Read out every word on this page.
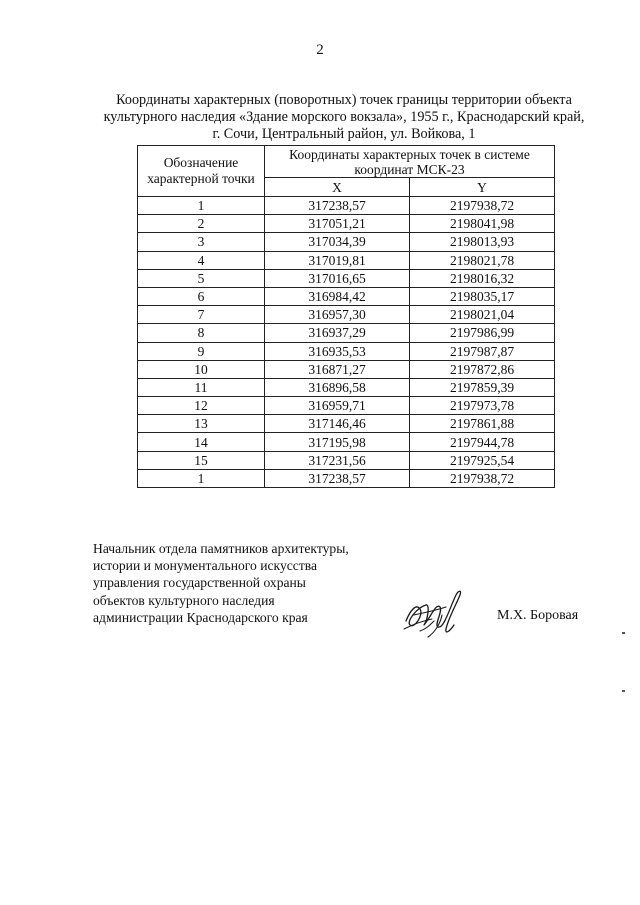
2
Координаты характерных (поворотных) точек границы территории объекта
культурного наследия «Здание морского вокзала», 1955 г., Краснодарский край,
г. Сочи, Центральный район, ул. Войкова, 1
Обозначение характерной точки	Координаты характерных точек в системе координат МСК-23	
	X	Y
1	317238,57	2197938,72
2	317051,21	2198041,98
3	317034,39	2198013,93
4	317019,81	2198021,78
5	317016,65	2198016,32
6	316984,42	2198035,17
7	316957,30	2198021,04
8	316937,29	2197986,99
9	316935,53	2197987,87
10	316871,27	2197872,86
11	316896,58	2197859,39
12	316959,71	2197973,78
13	317146,46	2197861,88
14	317195,98	2197944,78
15	317231,56	2197925,54
1	317238,57	2197938,72
Начальник отдела памятников архитектуры,
истории и монументального искусства
управления государственной охраны
объектов культурного наследия
администрации Краснодарского края	М.Х. Боровая
